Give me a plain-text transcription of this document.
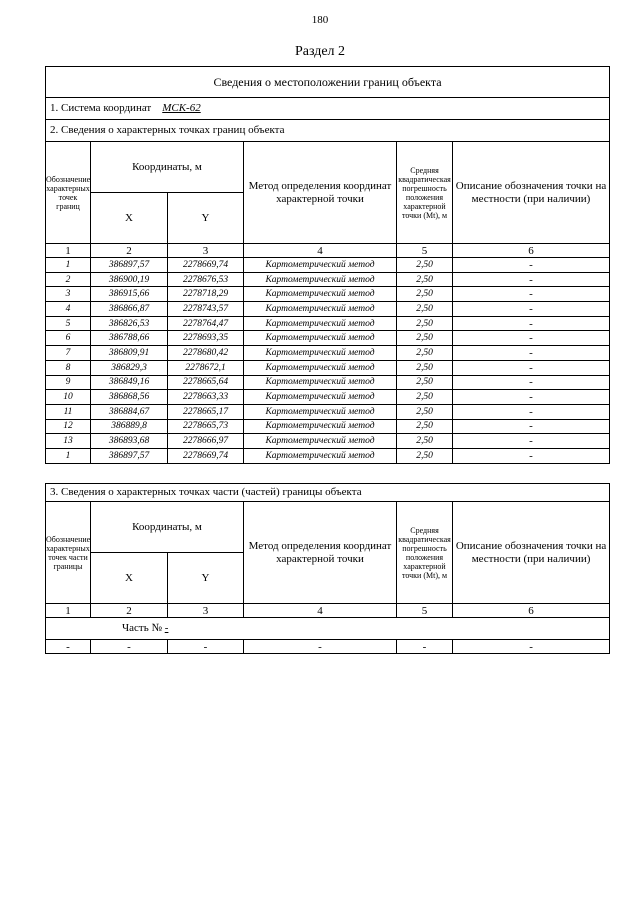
180
Раздел 2
Сведения о местоположении границ объекта					
1. Система координат МСК-62					
2. Сведения о характерных точках границ объекта					
Обозначение характерных точек границ	Координаты, м		Метод определения координат характерной точки	Средняя квадратическая погрешность положения характерной точки (Mt), м	Описание обозначения точки на местности (при наличии)
	X	Y			
1	2	3	4	5	6
1	386897,57	2278669,74	Картометрический метод	2,50	-
2	386900,19	2278676,53	Картометрический метод	2,50	-
3	386915,66	2278718,29	Картометрический метод	2,50	-
4	386866,87	2278743,57	Картометрический метод	2,50	-
5	386826,53	2278764,47	Картометрический метод	2,50	-
6	386788,66	2278693,35	Картометрический метод	2,50	-
7	386809,91	2278680,42	Картометрический метод	2,50	-
8	386829,3	2278672,1	Картометрический метод	2,50	-
9	386849,16	2278665,64	Картометрический метод	2,50	-
10	386868,56	2278663,33	Картометрический метод	2,50	-
11	386884,67	2278665,17	Картометрический метод	2,50	-
12	386889,8	2278665,73	Картометрический метод	2,50	-
13	386893,68	2278666,97	Картометрический метод	2,50	-
1	386897,57	2278669,74	Картометрический метод	2,50	-
3. Сведения о характерных точках части (частей) границы объекта					
Обозначение характерных точек части границы	Координаты, м		Метод определения координат характерной точки	Средняя квадратическая погрешность положения характерной точки (Mt), м	Описание обозначения точки на местности (при наличии)
	X	Y			
1	2	3	4	5	6
Часть № -					
-	-	-	-	-	-
